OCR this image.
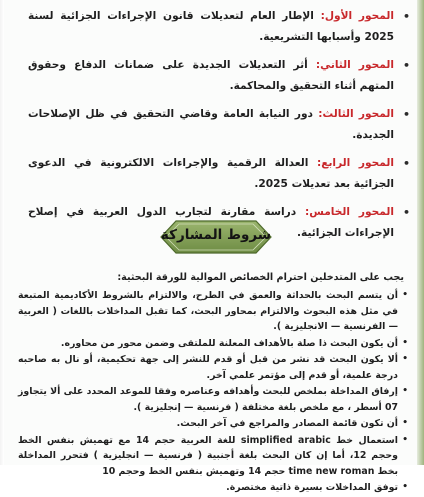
•
المحور الأول: الإطار العام لتعديلات قانون الإجراءات الجزائية لسنة 2025 وأسبابها التشريعية.
•
المحور الثاني: أثر التعديلات الجديدة على ضمانات الدفاع وحقوق المتهم أثناء التحقيق والمحاكمة.
•
المحور الثالث: دور النيابة العامة وقاضي التحقيق في ظل الإصلاحات الجديدة.
•
المحور الرابع: العدالة الرقمية والإجراءات الالكترونية في الدعوى الجزائية بعد تعديلات 2025.
•
المحور الخامس: دراسة مقارنة لتجارب الدول العربية في إصلاح الإجراءات الجزائية.
شروط المشاركة
يجب على المتدخلين احترام الخصائص الموالية للورقة البحثية:
•
أن يتسم البحث بالحداثة والعمق في الطرح، والالتزام بالشروط الأكاديمية المتبعة في مثل هذه البحوث والالتزام بمحاور البحث، كما تقبل المداخلات باللغات ( العربية — الفرنسية — الانجليزية ).
•
أن يكون البحث ذا صلة بالأهداف المعلنة للملتقى وضمن محور من محاوره.
•
ألا يكون البحث قد نشر من قبل أو قدم للنشر إلى جهة تحكيمية، أو نال به صاحبه درجة علمية، أو قدم إلى مؤتمر علمي آخر.
•
إرفاق المداخلة بملخص للبحث وأهدافه وعناصره وفقا للموعد المحدد على ألا يتجاوز 07 أسطر ، مع ملخص بلغة مختلفة ( فرنسية — إنجليزية ).
•
أن تكون قائمة المصادر والمراجع في آخر البحث.
•
استعمال خط simplified arabic للغة العربية حجم 14 مع تهميش بنفس الخط وحجم 12، أما إن كان البحث بلغة أجنبية ( فرنسية — انجليزية ) فتحرر المداخلة بخط time new roman حجم 14 وتهميش بنفس الخط وحجم 10
•
توفق المداخلات بسيرة ذاتية مختصرة.
